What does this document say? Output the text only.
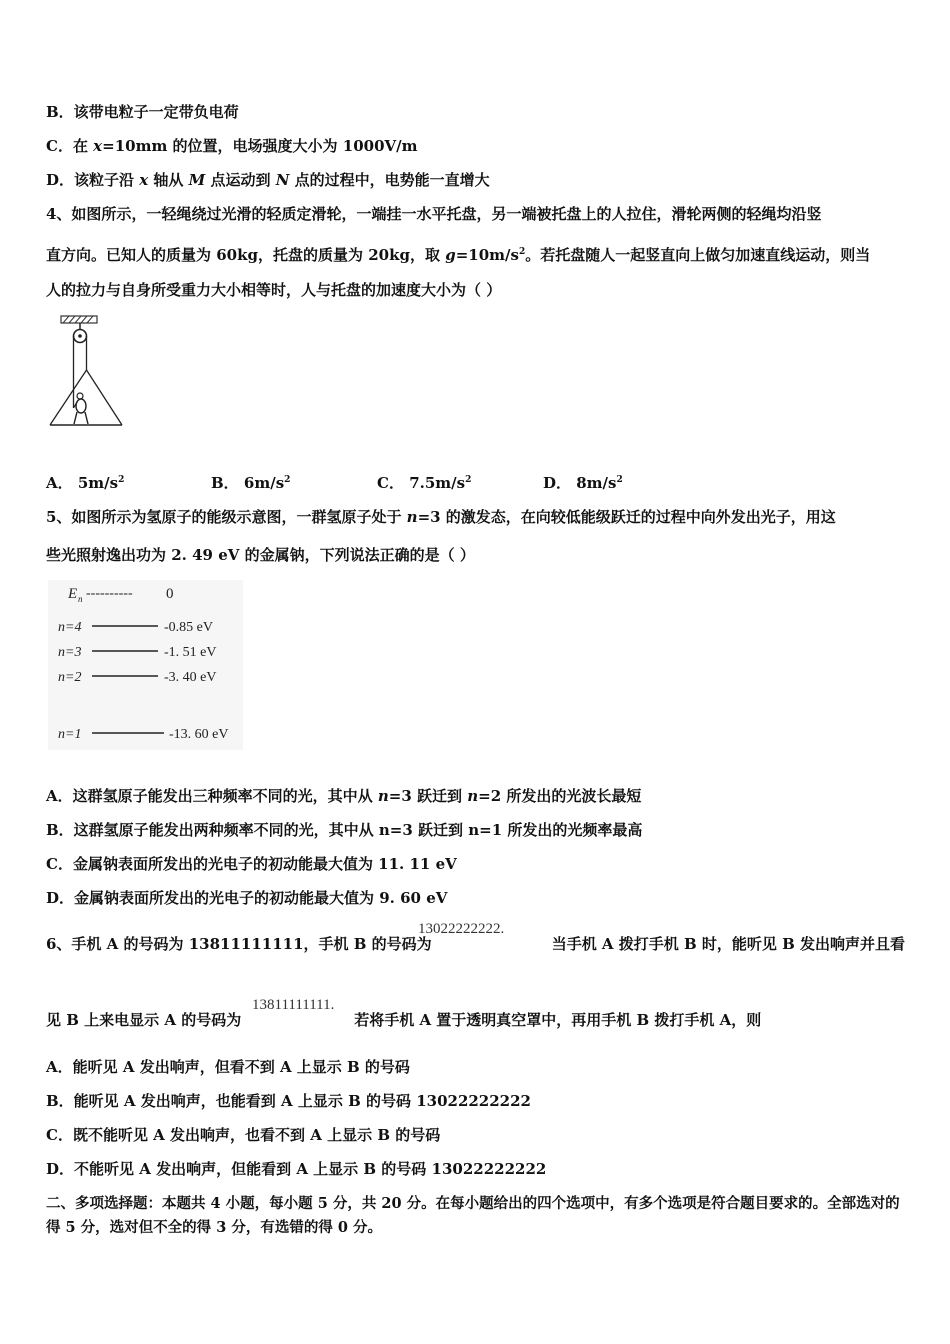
B．该带电粒子一定带负电荷
C．在 x=10mm 的位置，电场强度大小为 1000V/m
D．该粒子沿 x 轴从 M 点运动到 N 点的过程中，电势能一直增大
4、如图所示，一轻绳绕过光滑的轻质定滑轮，一端挂一水平托盘，另一端被托盘上的人拉住，滑轮两侧的轻绳均沿竖
直方向。已知人的质量为 60kg，托盘的质量为 20kg，取 $g=10m/s^2$。若托盘随人一起竖直向上做匀加速直线运动，则当
人的拉力与自身所受重力大小相等时，人与托盘的加速度大小为（ ）
A． $5m/s^2$	B． $6m/s^2$	C． $7.5m/s^2$	D． $8m/s^2$
5、如图所示为氢原子的能级示意图，一群氢原子处于 n=3 的激发态，在向较低能级跃迁的过程中向外发出光子，用这
些光照射逸出功为 2. 49 eV 的金属钠，下列说法正确的是（ ）
E n ---------- 0
n=4	-0.85 eV
n=3	-1. 51 eV
n=2	-3. 40 eV
n=1	-13. 60 eV
A．这群氢原子能发出三种频率不同的光，其中从 n=3 跃迁到 n=2 所发出的光波长最短
B．这群氢原子能发出两种频率不同的光，其中从 n=3 跃迁到 n=1 所发出的光频率最高
C．金属钠表面所发出的光电子的初动能最大值为 11. 11 eV
D．金属钠表面所发出的光电子的初动能最大值为 9. 60 eV
6、手机 A 的号码为 13811111111，手机 B 的号码为	当手机 A 拨打手机 B 时，能听见 B 发出响声并且看
13022222222.
见 B 上来电显示 A 的号码为	若将手机 A 置于透明真空罩中，再用手机 B 拨打手机 A，则
13811111111.
A．能听见 A 发出响声，但看不到 A 上显示 B 的号码
B．能听见 A 发出响声，也能看到 A 上显示 B 的号码 13022222222
C．既不能听见 A 发出响声，也看不到 A 上显示 B 的号码
D．不能听见 A 发出响声，但能看到 A 上显示 B 的号码 13022222222
二、多项选择题：本题共 4 小题，每小题 5 分，共 20 分。在每小题给出的四个选项中，有多个选项是符合题目要求的。全部选对的得 5 分，选对但不全的得 3 分，有选错的得 0 分。
